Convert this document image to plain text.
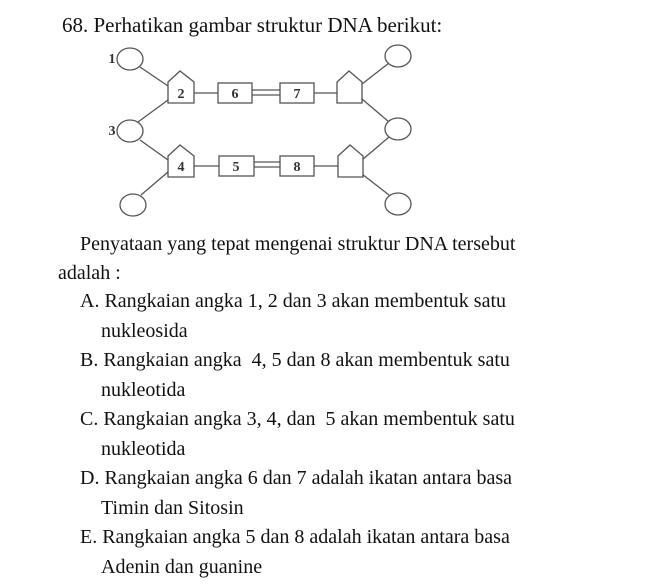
68. Perhatikan gambar struktur DNA berikut:
1
3
2
4
6	7
5	8
Penyataan yang tepat mengenai struktur DNA tersebut
adalah :
A. Rangkaian angka 1, 2 dan 3 akan membentuk satu
nukleosida
B. Rangkaian angka  4, 5 dan 8 akan membentuk satu
nukleotida
C. Rangkaian angka 3, 4, dan  5 akan membentuk satu
nukleotida
D. Rangkaian angka 6 dan 7 adalah ikatan antara basa
Timin dan Sitosin
E. Rangkaian angka 5 dan 8 adalah ikatan antara basa
Adenin dan guanine
